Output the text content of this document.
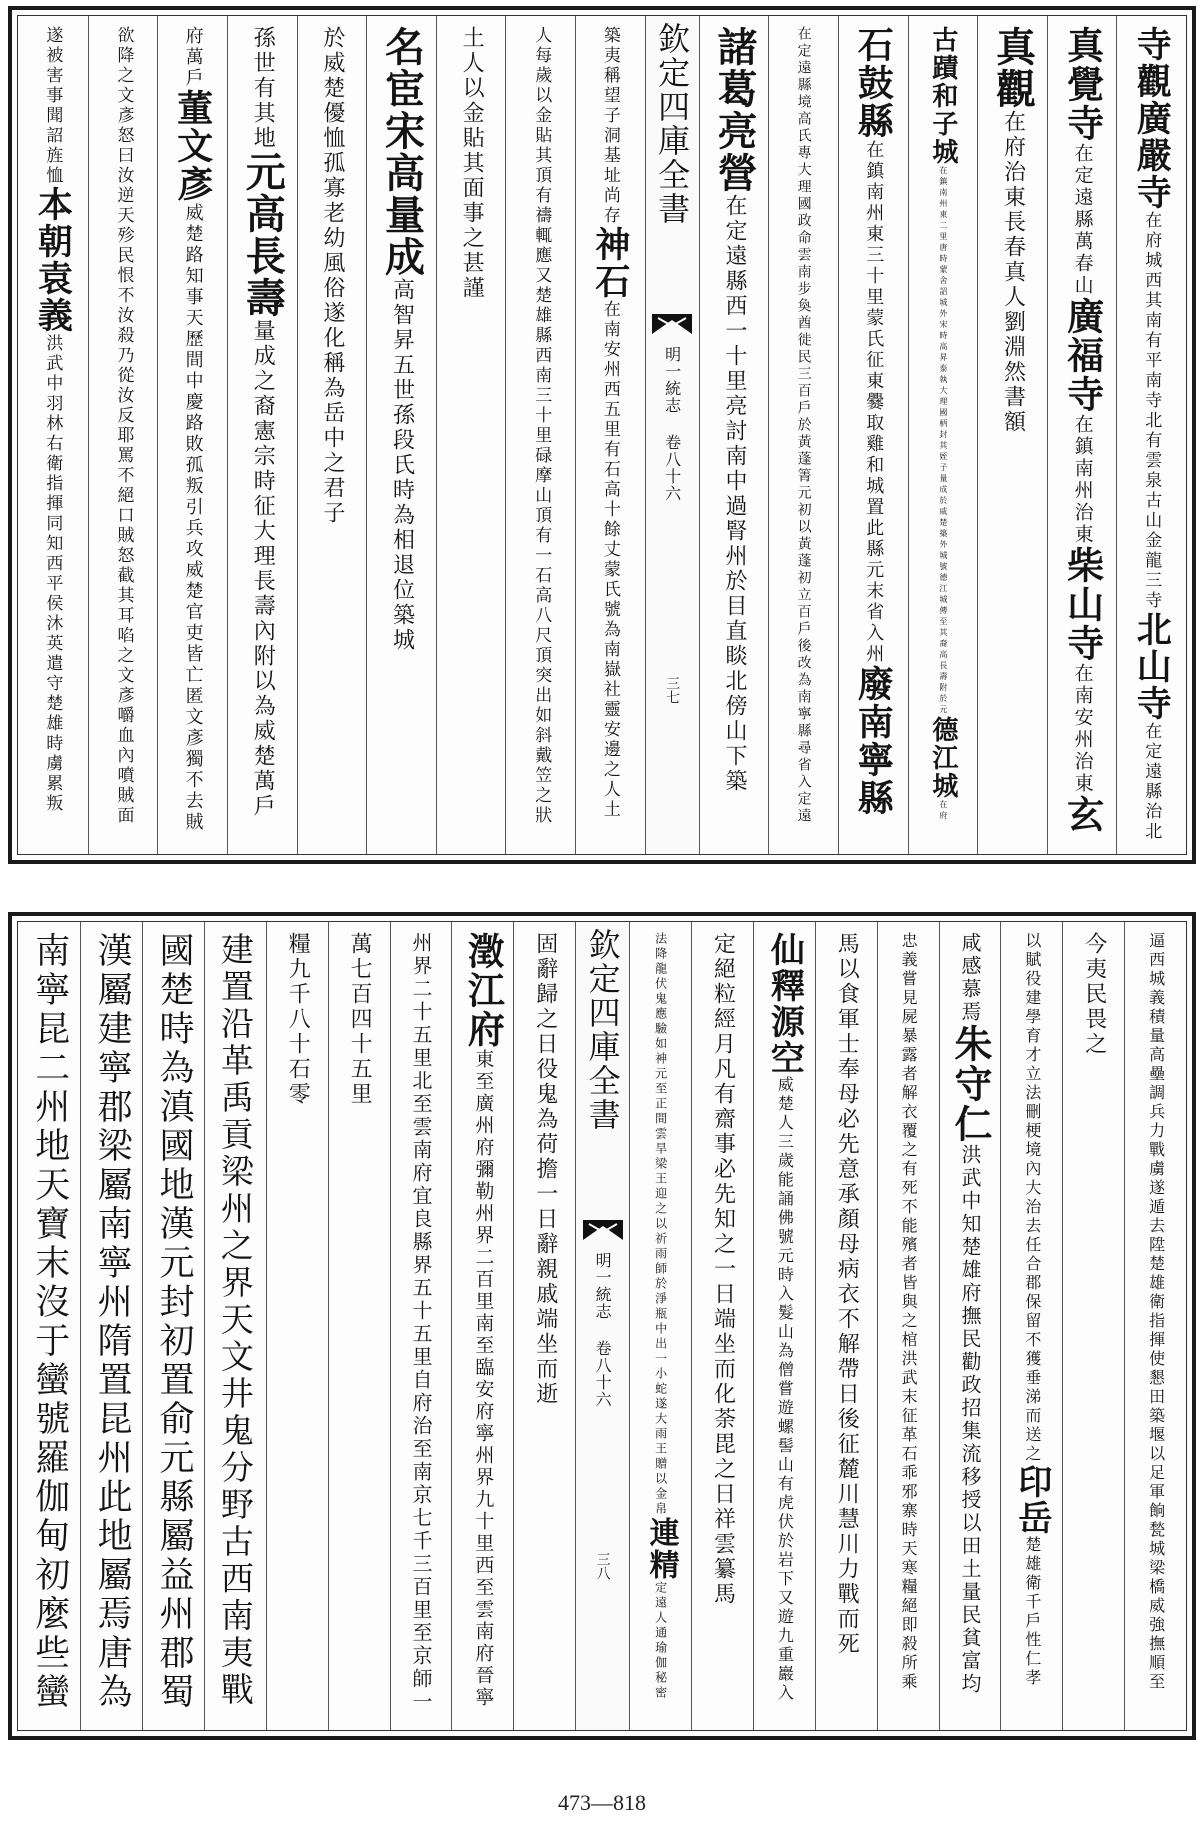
寺觀廣嚴寺在府城西其南有平南寺北有雲泉古山金龍三寺北山寺在定遠縣治北
真覺寺在定遠縣萬春山廣福寺在鎮南州治東柴山寺在南安州治東玄
真觀在府治東長春真人劉淵然書額
古蹟和子城在鎮南州東二里唐時蒙舍詔城外宋時高昇泰執大理國柄封其姪子量成於威楚築外城號德江城傳至其裔高長壽附於元德江城在府
石鼓縣在鎮南州東三十里蒙氏征東爨取雞和城置此縣元末省入州廢南寧縣
在定遠縣境高氏專大理國政命雲南步奐酋徙民三百戶於黃蓬箐元初以黃蓬初立百戶後改為南寧縣尋省入定遠
諸葛亮營在定遠縣西一十里亮討南中過腎州於目直睒北傍山下築
欽定四庫全書
明一統志 卷八十六
三七
築夷稱望子洞基址尚存神石在南安州西五里有石高十餘丈蒙氏號為南嶽社靈安邊之人土
人每歲以金貼其頂有禱輒應又楚雄縣西南三十里碌摩山頂有一石高八尺頂突出如斜戴笠之狀
土人以金貼其面事之甚謹
名宦宋高量成高智昇五世孫段氏時為相退位築城
於威楚優恤孤寡老幼風俗遂化稱為岳中之君子
孫世有其地元高長壽量成之裔憲宗時征大理長壽內附以為威楚萬戶
府萬戶董文彥威楚路知事天歷間中慶路敗孤叛引兵攻威楚官吏皆亡匿文彥獨不去賊
欲降之文彥怒曰汝逆天殄民恨不汝殺乃從汝反耶罵不絕口賊怒截其耳啗之文彥嚼血內噴賊面
遂被害事聞詔旌恤本朝袁義洪武中羽林右衛指揮同知西平侯沐英遣守楚雄時虜累叛
逼西城義積量高壘調兵力戰虜遂遁去陞楚雄衛指揮使懇田築堰以足軍餉甃城梁橋威強撫順至
今夷民畏之
以賦役建學育才立法刪梗境內大治去任合郡保留不獲垂涕而送之印岳楚雄衛千戶性仁孝
咸感慕焉朱守仁洪武中知楚雄府撫民勸政招集流移授以田土量民貧富均
忠義嘗見屍暴露者解衣覆之有死不能殯者皆與之棺洪武末征革石乖邪寨時天寒糧絕即殺所乘
馬以食軍士奉母必先意承顏母病衣不解帶日後征麓川慧川力戰而死
仙釋源空威楚人三歲能誦佛號元時入髮山為僧嘗遊螺髻山有虎伏於岩下又遊九重巖入
定絕粒經月凡有齋事必先知之一日端坐而化荼毘之日祥雲纂馬
法降龍伏鬼應驗如神元至正間雲旱梁王迎之以祈雨師於淨瓶中出一小蛇遂大雨王贈以金帛連精定遠人通瑜伽秘密
欽定四庫全書
明一統志 卷八十六
三八
固辭歸之日役鬼為荷擔一日辭親戚端坐而逝
澂江府東至廣州府彌勒州界二百里南至臨安府寧州界九十里西至雲南府晉寧
州界二十五里北至雲南府宜良縣界五十五里自府治至南京七千三百里至京師一
萬七百四十五里
糧九千八十石零
建置沿革禹貢梁州之界天文井鬼分野古西南夷戰
國楚時為滇國地漢元封初置俞元縣屬益州郡蜀
漢屬建寧郡梁屬南寧州隋置昆州此地屬焉唐為
南寧昆二州地天寶末沒于蠻號羅伽甸初麼些蠻
473—818
